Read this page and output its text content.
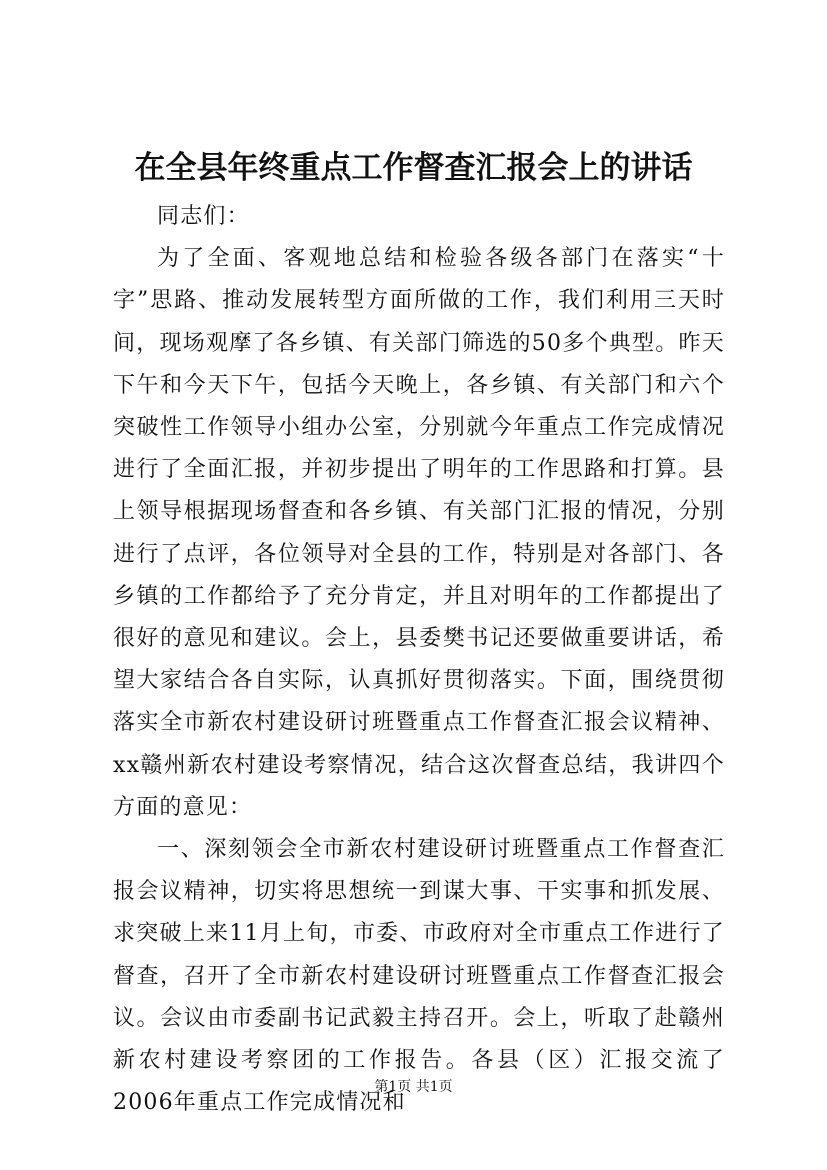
在全县年终重点工作督查汇报会上的讲话

同志们：

为了全面、客观地总结和检验各级各部门在落实“十字”思路、推动发展转型方面所做的工作，我们利用三天时间，现场观摩了各乡镇、有关部门筛选的50多个典型。昨天下午和今天下午，包括今天晚上，各乡镇、有关部门和六个突破性工作领导小组办公室，分别就今年重点工作完成情况进行了全面汇报，并初步提出了明年的工作思路和打算。县上领导根据现场督查和各乡镇、有关部门汇报的情况，分别进行了点评，各位领导对全县的工作，特别是对各部门、各乡镇的工作都给予了充分肯定，并且对明年的工作都提出了很好的意见和建议。会上，县委樊书记还要做重要讲话，希望大家结合各自实际，认真抓好贯彻落实。下面，围绕贯彻落实全市新农村建设研讨班暨重点工作督查汇报会议精神、xx赣州新农村建设考察情况，结合这次督查总结，我讲四个方面的意见：

一、深刻领会全市新农村建设研讨班暨重点工作督查汇报会议精神，切实将思想统一到谋大事、干实事和抓发展、求突破上来11月上旬，市委、市政府对全市重点工作进行了督查，召开了全市新农村建设研讨班暨重点工作督查汇报会议。会议由市委副书记武毅主持召开。会上，听取了赴赣州新农村建设考察团的工作报告。各县（区）汇报交流了2006年重点工作完成情况和

第1页 共1页
